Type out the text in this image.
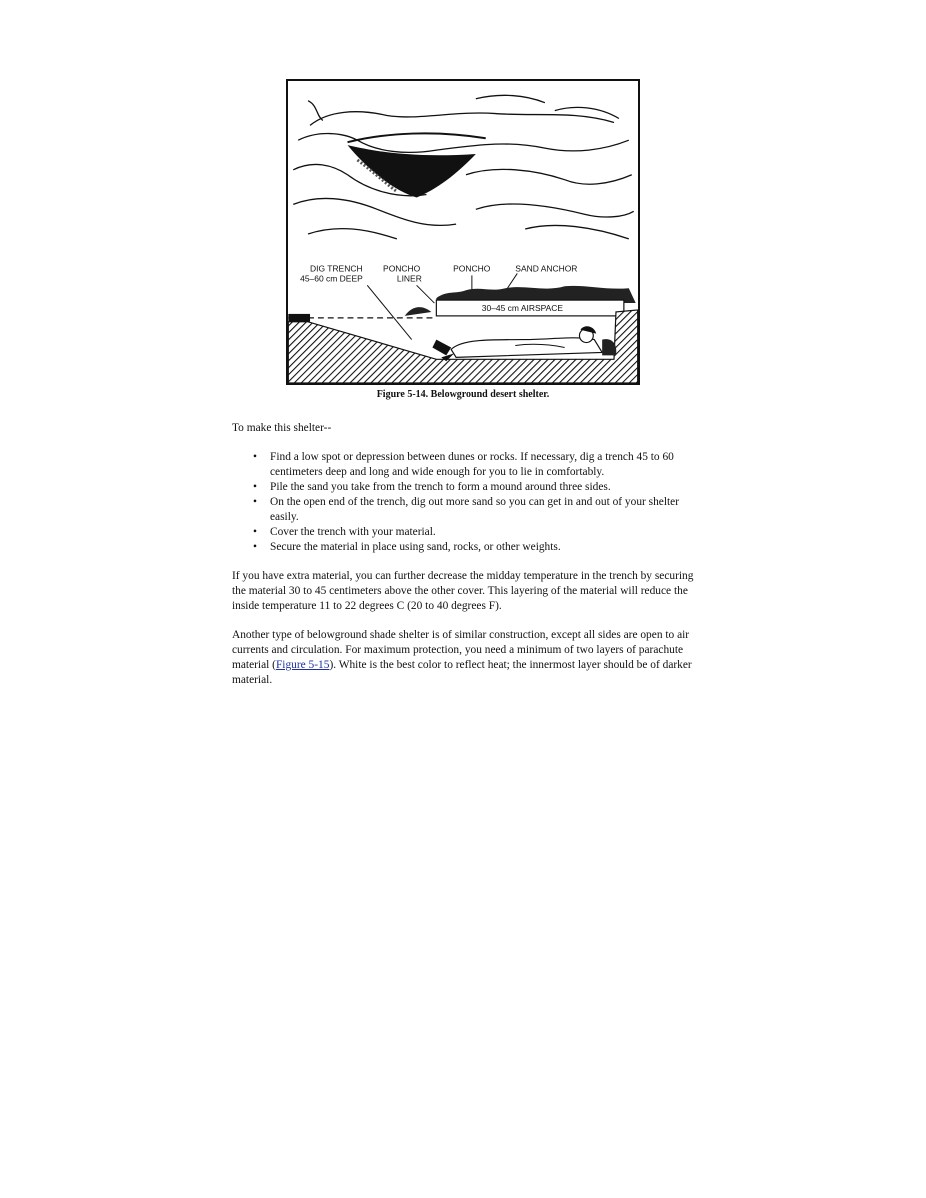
DIG TRENCH
45–60 cm DEEP
PONCHO
LINER
PONCHO	SAND ANCHOR
30–45 cm AIRSPACE
Figure 5-14. Belowground desert shelter.
To make this shelter--
• Find a low spot or depression between dunes or rocks. If necessary, dig a trench 45 to 60 centimeters deep and long and wide enough for you to lie in comfortably.
• Pile the sand you take from the trench to form a mound around three sides.
• On the open end of the trench, dig out more sand so you can get in and out of your shelter easily.
• Cover the trench with your material.
• Secure the material in place using sand, rocks, or other weights.
If you have extra material, you can further decrease the midday temperature in the trench by securing the material 30 to 45 centimeters above the other cover. This layering of the material will reduce the inside temperature 11 to 22 degrees C (20 to 40 degrees F).
Another type of belowground shade shelter is of similar construction, except all sides are open to air currents and circulation. For maximum protection, you need a minimum of two layers of parachute material (Figure 5-15). White is the best color to reflect heat; the innermost layer should be of darker material.
